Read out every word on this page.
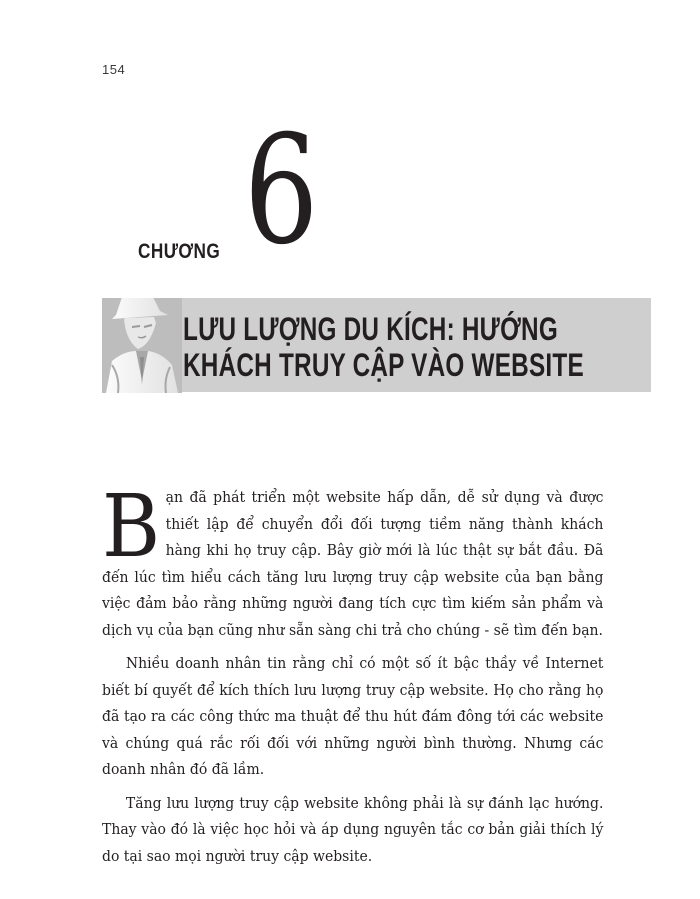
154
CHƯƠNG 6
LƯU LƯỢNG DU KÍCH: HƯỚNG
KHÁCH TRUY CẬP VÀO WEBSITE

Bạn đã phát triển một website hấp dẫn, dễ sử dụng và được thiết lập để chuyển đổi đối tượng tiềm năng thành khách hàng khi họ truy cập. Bây giờ mới là lúc thật sự bắt đầu. Đã đến lúc tìm hiểu cách tăng lưu lượng truy cập website của bạn bằng việc đảm bảo rằng những người đang tích cực tìm kiếm sản phẩm và dịch vụ của bạn cũng như sẵn sàng chi trả cho chúng - sẽ tìm đến bạn.

Nhiều doanh nhân tin rằng chỉ có một số ít bậc thầy về Internet biết bí quyết để kích thích lưu lượng truy cập website. Họ cho rằng họ đã tạo ra các công thức ma thuật để thu hút đám đông tới các website và chúng quá rắc rối đối với những người bình thường. Nhưng các doanh nhân đó đã lầm.

Tăng lưu lượng truy cập website không phải là sự đánh lạc hướng. Thay vào đó là việc học hỏi và áp dụng nguyên tắc cơ bản giải thích lý do tại sao mọi người truy cập website.
